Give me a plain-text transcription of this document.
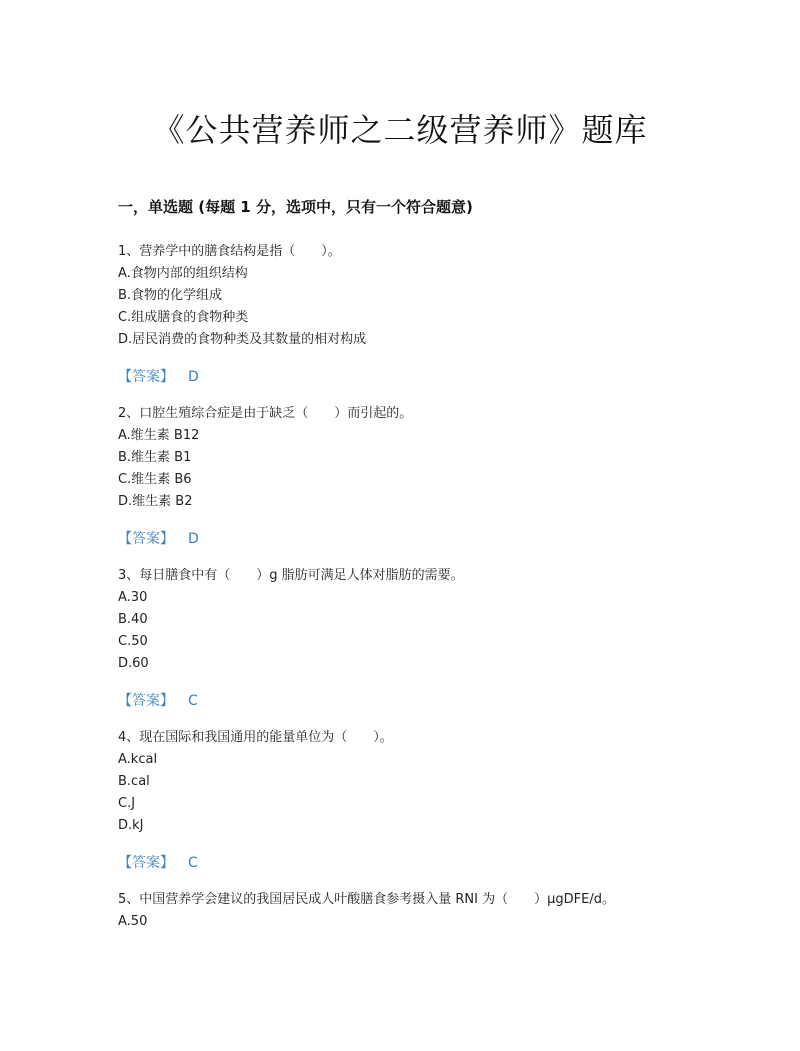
《公共营养师之二级营养师》题库
一，单选题 (每题 1 分，选项中，只有一个符合题意)
1、营养学中的膳食结构是指（　　）。
A.食物内部的组织结构
B.食物的化学组成
C.组成膳食的食物种类
D.居民消费的食物种类及其数量的相对构成
【答案】 D
2、口腔生殖综合症是由于缺乏（　　）而引起的。
A.维生素 B12
B.维生素 B1
C.维生素 B6
D.维生素 B2
【答案】 D
3、每日膳食中有（　　）g 脂肪可满足人体对脂肪的需要。
A.30
B.40
C.50
D.60
【答案】 C
4、现在国际和我国通用的能量单位为（　　）。
A.kcal
B.cal
C.J
D.kJ
【答案】 C
5、中国营养学会建议的我国居民成人叶酸膳食参考摄入量 RNI 为（　　）μgDFE/d。
A.50
